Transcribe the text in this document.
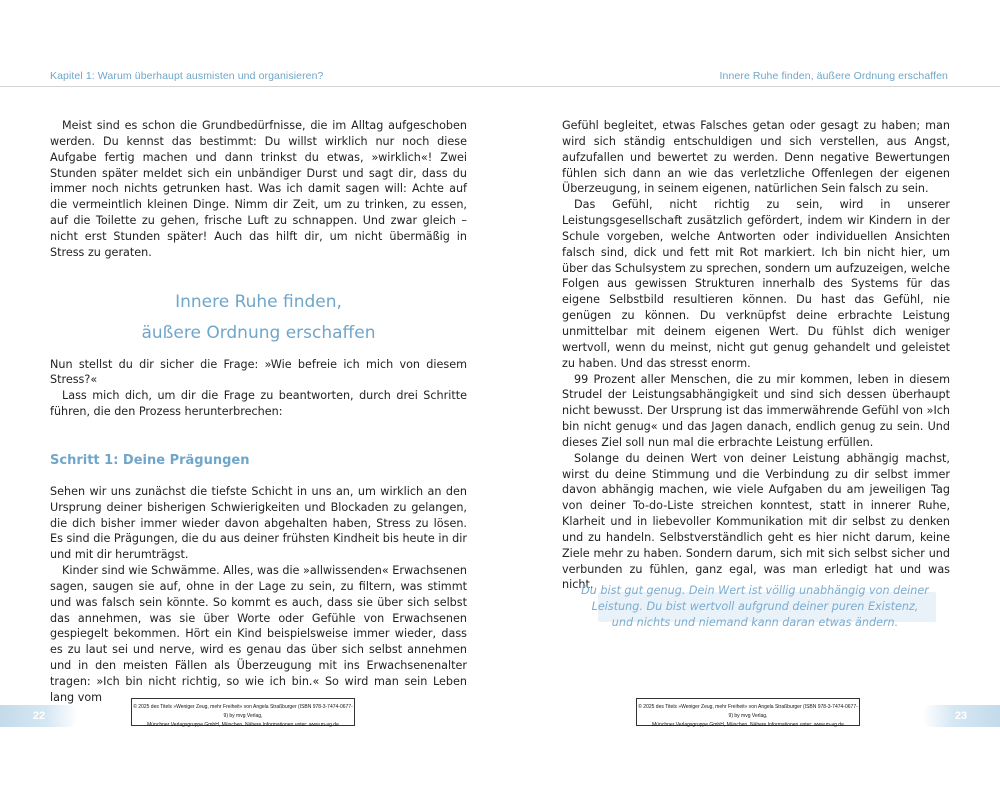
Kapitel 1: Warum überhaupt ausmisten und organisieren?	Innere Ruhe finden, äußere Ordnung erschaffen

Meist sind es schon die Grundbedürfnisse, die im Alltag aufgeschoben werden. Du kennst das bestimmt: Du willst wirklich nur noch diese Aufgabe fertig machen und dann trinkst du etwas, »wirklich«! Zwei Stunden später meldet sich ein unbändiger Durst und sagt dir, dass du immer noch nichts getrunken hast. Was ich damit sagen will: Achte auf die vermeintlich kleinen Dinge. Nimm dir Zeit, um zu trinken, zu essen, auf die Toilette zu gehen, frische Luft zu schnappen. Und zwar gleich – nicht erst Stunden später! Auch das hilft dir, um nicht übermäßig in Stress zu geraten.

Innere Ruhe finden,
äußere Ordnung erschaffen

Nun stellst du dir sicher die Frage: »Wie befreie ich mich von diesem Stress?«

Lass mich dich, um dir die Frage zu beantworten, durch drei Schritte führen, die den Prozess herunterbrechen:

Schritt 1: Deine Prägungen

Sehen wir uns zunächst die tiefste Schicht in uns an, um wirklich an den Ursprung deiner bisherigen Schwierigkeiten und Blockaden zu gelangen, die dich bisher immer wieder davon abgehalten haben, Stress zu lösen. Es sind die Prägungen, die du aus deiner frühsten Kindheit bis heute in dir und mit dir herumträgst.

Kinder sind wie Schwämme. Alles, was die »allwissenden« Erwachsenen sagen, saugen sie auf, ohne in der Lage zu sein, zu filtern, was stimmt und was falsch sein könnte. So kommt es auch, dass sie über sich selbst das annehmen, was sie über Worte oder Gefühle von Erwachsenen gespiegelt bekommen. Hört ein Kind beispielsweise immer wieder, dass es zu laut sei und nerve, wird es genau das über sich selbst annehmen und in den meisten Fällen als Überzeugung mit ins Erwachsenenalter tragen: »Ich bin nicht richtig, so wie ich bin.« So wird man sein Leben lang vom

Gefühl begleitet, etwas Falsches getan oder gesagt zu haben; man wird sich ständig entschuldigen und sich verstellen, aus Angst, aufzufallen und bewertet zu werden. Denn negative Bewertungen fühlen sich dann an wie das verletzliche Offenlegen der eigenen Überzeugung, in seinem eigenen, natürlichen Sein falsch zu sein.

Das Gefühl, nicht richtig zu sein, wird in unserer Leistungsgesellschaft zusätzlich gefördert, indem wir Kindern in der Schule vorgeben, welche Antworten oder individuellen Ansichten falsch sind, dick und fett mit Rot markiert. Ich bin nicht hier, um über das Schulsystem zu sprechen, sondern um aufzuzeigen, welche Folgen aus gewissen Strukturen innerhalb des Systems für das eigene Selbstbild resultieren können. Du hast das Gefühl, nie genügen zu können. Du verknüpfst deine erbrachte Leistung unmittelbar mit deinem eigenen Wert. Du fühlst dich weniger wertvoll, wenn du meinst, nicht gut genug gehandelt und geleistet zu haben. Und das stresst enorm.

99 Prozent aller Menschen, die zu mir kommen, leben in diesem Strudel der Leistungsabhängigkeit und sind sich dessen überhaupt nicht bewusst. Der Ursprung ist das immerwährende Gefühl von »Ich bin nicht genug« und das Jagen danach, endlich genug zu sein. Und dieses Ziel soll nun mal die erbrachte Leistung erfüllen.

Solange du deinen Wert von deiner Leistung abhängig machst, wirst du deine Stimmung und die Verbindung zu dir selbst immer davon abhängig machen, wie viele Aufgaben du am jeweiligen Tag von deiner To-do-Liste streichen konntest, statt in innerer Ruhe, Klarheit und in liebevoller Kommunikation mit dir selbst zu denken und zu handeln. Selbstverständlich geht es hier nicht darum, keine Ziele mehr zu haben. Sondern darum, sich mit sich selbst sicher und verbunden zu fühlen, ganz egal, was man erledigt hat und was nicht.

Du bist gut genug. Dein Wert ist völlig unabhängig von deiner

Leistung. Du bist wertvoll aufgrund deiner puren Existenz,

und nichts und niemand kann daran etwas ändern.

22	23
© 2025 des Titels »Weniger Zeug, mehr Freiheit« von Angela Straßburger (ISBN 978-3-7474-0677-9) by mvg Verlag,
Münchner Verlagsgruppe GmbH, München. Nähere Informationen unter: www.m-vg.de
© 2025 des Titels »Weniger Zeug, mehr Freiheit« von Angela Straßburger (ISBN 978-3-7474-0677-9) by mvg Verlag,
Münchner Verlagsgruppe GmbH, München. Nähere Informationen unter: www.m-vg.de
